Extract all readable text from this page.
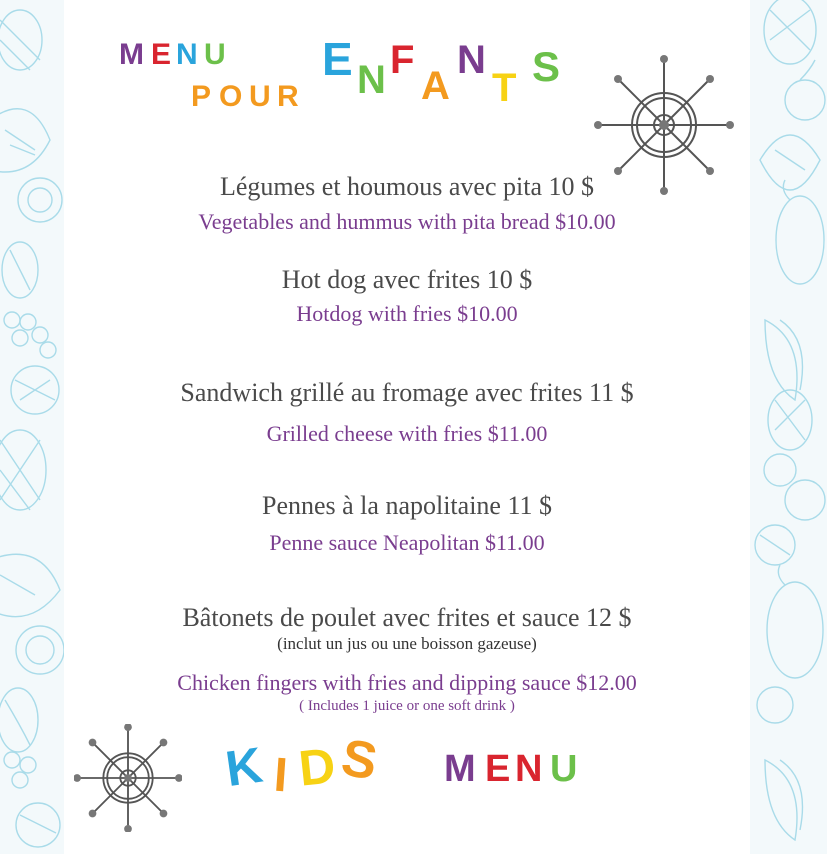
M E N U
P O U R
E N F
A
N
T S
Légumes et houmous avec pita 10 $
Vegetables and hummus with pita bread $10.00
Hot dog avec frites 10 $
Hotdog with fries $10.00
Sandwich grillé au fromage avec frites 11 $
Grilled cheese with fries $11.00
Pennes à la napolitaine 11 $
Penne sauce Neapolitan $11.00
Bâtonets de poulet avec frites et sauce 12 $
(inclut un jus ou une boisson gazeuse)
Chicken fingers with fries and dipping sauce $12.00
( Includes 1 juice or one soft drink )
K I D S M E N U
